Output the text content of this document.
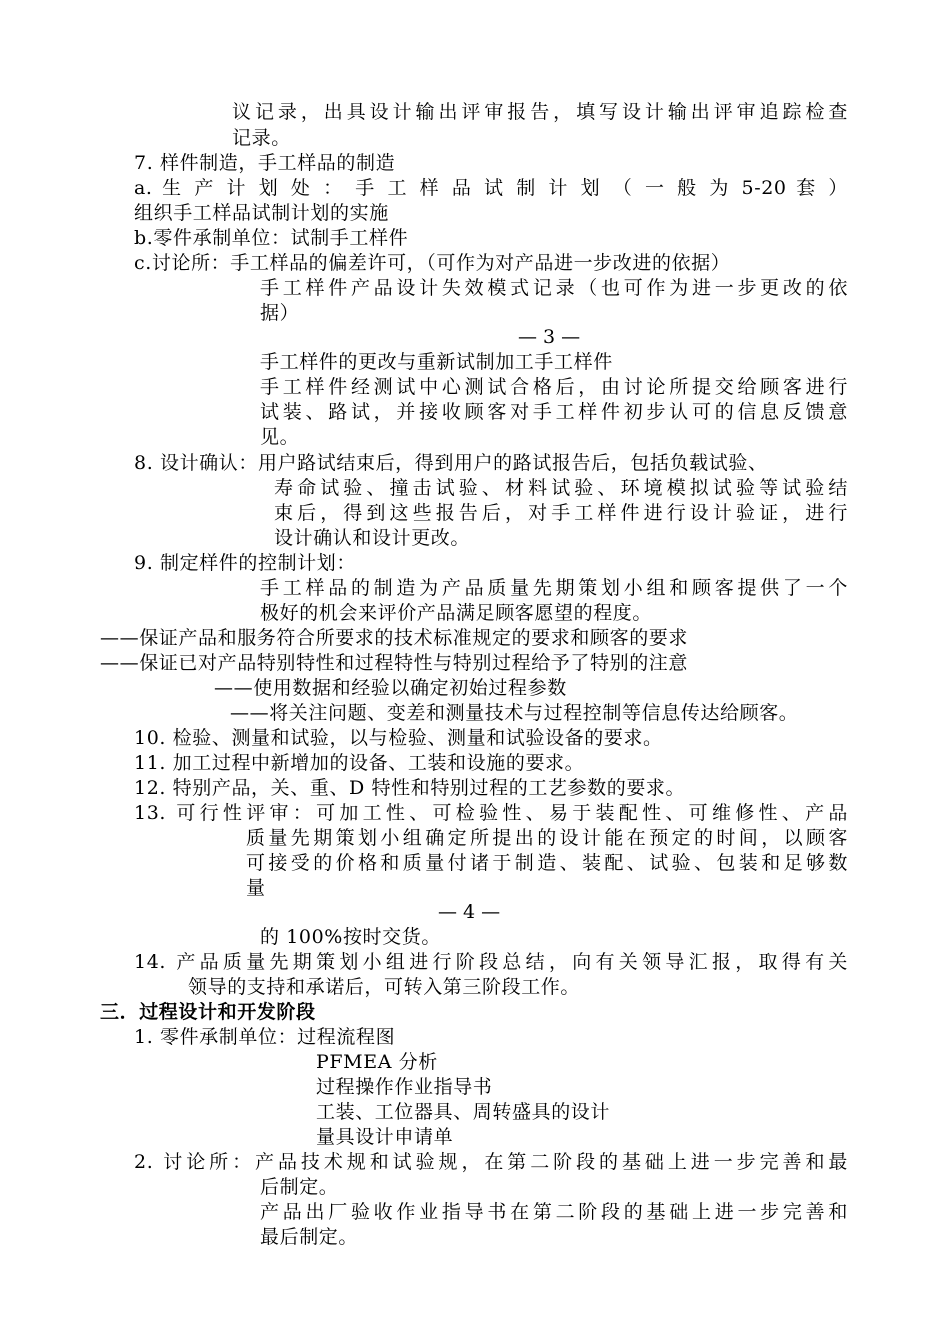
议记录，出具设计输出评审报告，填写设计输出评审追踪检查
记录。
7. 样件制造，手工样品的制造
a. 生 产 计 划 处 ： 手 工 样 品 试 制 计 划 （ 一 般 为 5-20 套 ）
组织手工样品试制计划的实施
b.零件承制单位：试制手工样件
c.讨论所：手工样品的偏差许可，（可作为对产品进一步改进的依据）
手工样件产品设计失效模式记录（也可作为进一步更改的依
据）
— 3 —
手工样件的更改与重新试制加工手工样件
手工样件经测试中心测试合格后，由讨论所提交给顾客进行
试装、路试，并接收顾客对手工样件初步认可的信息反馈意
见。
8. 设计确认：用户路试结束后，得到用户的路试报告后，包括负载试验、
寿命试验、撞击试验、材料试验、环境模拟试验等试验结
束后，得到这些报告后，对手工样件进行设计验证，进行
设计确认和设计更改。
9. 制定样件的控制计划：
手工样品的制造为产品质量先期策划小组和顾客提供了一个
极好的机会来评价产品满足顾客愿望的程度。
——保证产品和服务符合所要求的技术标准规定的要求和顾客的要求
——保证已对产品特别特性和过程特性与特别过程给予了特别的注意
——使用数据和经验以确定初始过程参数
——将关注问题、变差和测量技术与过程控制等信息传达给顾客。
10. 检验、测量和试验，以与检验、测量和试验设备的要求。
11. 加工过程中新增加的设备、工装和设施的要求。
12. 特别产品，关、重、D 特性和特别过程的工艺参数的要求。
13. 可行性评审：可加工性、可检验性、易于装配性、可维修性、产品
质量先期策划小组确定所提出的设计能在预定的时间，以顾客
可接受的价格和质量付诸于制造、装配、试验、包装和足够数
量
— 4 —
的 100%按时交货。
14. 产品质量先期策划小组进行阶段总结，向有关领导汇报，取得有关
领导的支持和承诺后，可转入第三阶段工作。
三．过程设计和开发阶段
1. 零件承制单位：过程流程图
PFMEA 分析
过程操作作业指导书
工装、工位器具、周转盛具的设计
量具设计申请单
2. 讨论所：产品技术规和试验规，在第二阶段的基础上进一步完善和最
后制定。
产品出厂验收作业指导书在第二阶段的基础上进一步完善和
最后制定。
